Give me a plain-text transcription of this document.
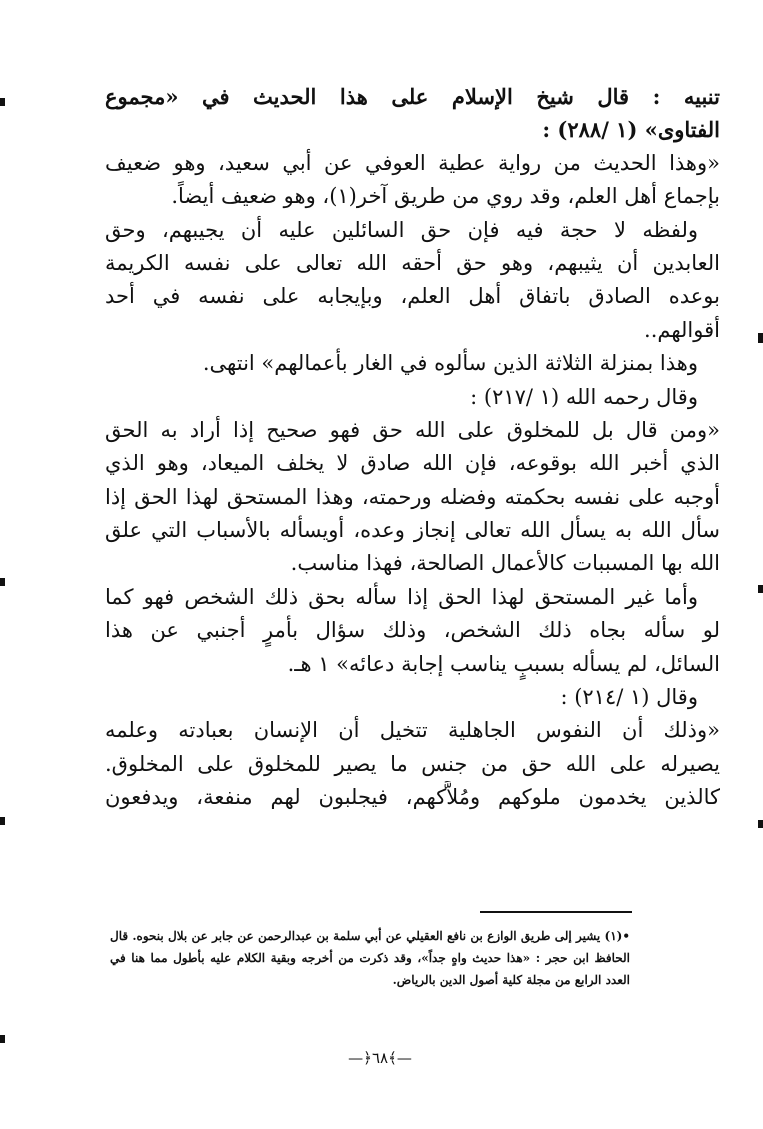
تنبيه : قال شيخ الإسلام على هذا الحديث في «مجموع
الفتاوى» (١ /٢٨٨) :
«وهذا الحديث من رواية عطية العوفي عن أبي سعيد، وهو ضعيف
بإجماع أهل العلم، وقد روي من طريق آخر(١)، وهو ضعيف أيضاً.
ولفظه لا حجة فيه فإن حق السائلين عليه أن يجيبهم، وحق
العابدين أن يثيبهم، وهو حق أحقه الله تعالى على نفسه الكريمة
بوعده الصادق باتفاق أهل العلم، وبإيجابه على نفسه في أحد
أقوالهم..
وهذا بمنزلة الثلاثة الذين سألوه في الغار بأعمالهم» انتهى.
وقال رحمه الله (١ /٢١٧) :
«ومن قال بل للمخلوق على الله حق فهو صحيح إذا أراد به الحق
الذي أخبر الله بوقوعه، فإن الله صادق لا يخلف الميعاد، وهو الذي
أوجبه على نفسه بحكمته وفضله ورحمته، وهذا المستحق لهذا الحق إذا
سأل الله به يسأل الله تعالى إنجاز وعده، أويسأله بالأسباب التي علق
الله بها المسببات كالأعمال الصالحة، فهذا مناسب.
وأما غير المستحق لهذا الحق إذا سأله بحق ذلك الشخص فهو كما
لو سأله بجاه ذلك الشخص، وذلك سؤال بأمرٍ أجنبي عن هذا
السائل، لم يسأله بسببٍ يناسب إجابة دعائه» ١ هـ.
وقال (١ /٢١٤) :
«وذلك أن النفوس الجاهلية تتخيل أن الإنسان بعبادته وعلمه
يصيرله على الله حق من جنس ما يصير للمخلوق على المخلوق.
كالذين يخدمون ملوكهم ومُلاَّكهم، فيجلبون لهم منفعة، ويدفعون
•(١) يشير إلى طريق الوازع بن نافع العقيلي عن أبي سلمة بن عبدالرحمن عن جابر عن بلال بنحوه. قال
الحافظ ابن حجر : «هذا حديث واهٍ جداً»، وقد ذكرت من أخرجه وبقية الكلام عليه بأطول مما هنا في
العدد الرابع من مجلة كلية أصول الدين بالرياض.
—﴿٦٨﴾—
